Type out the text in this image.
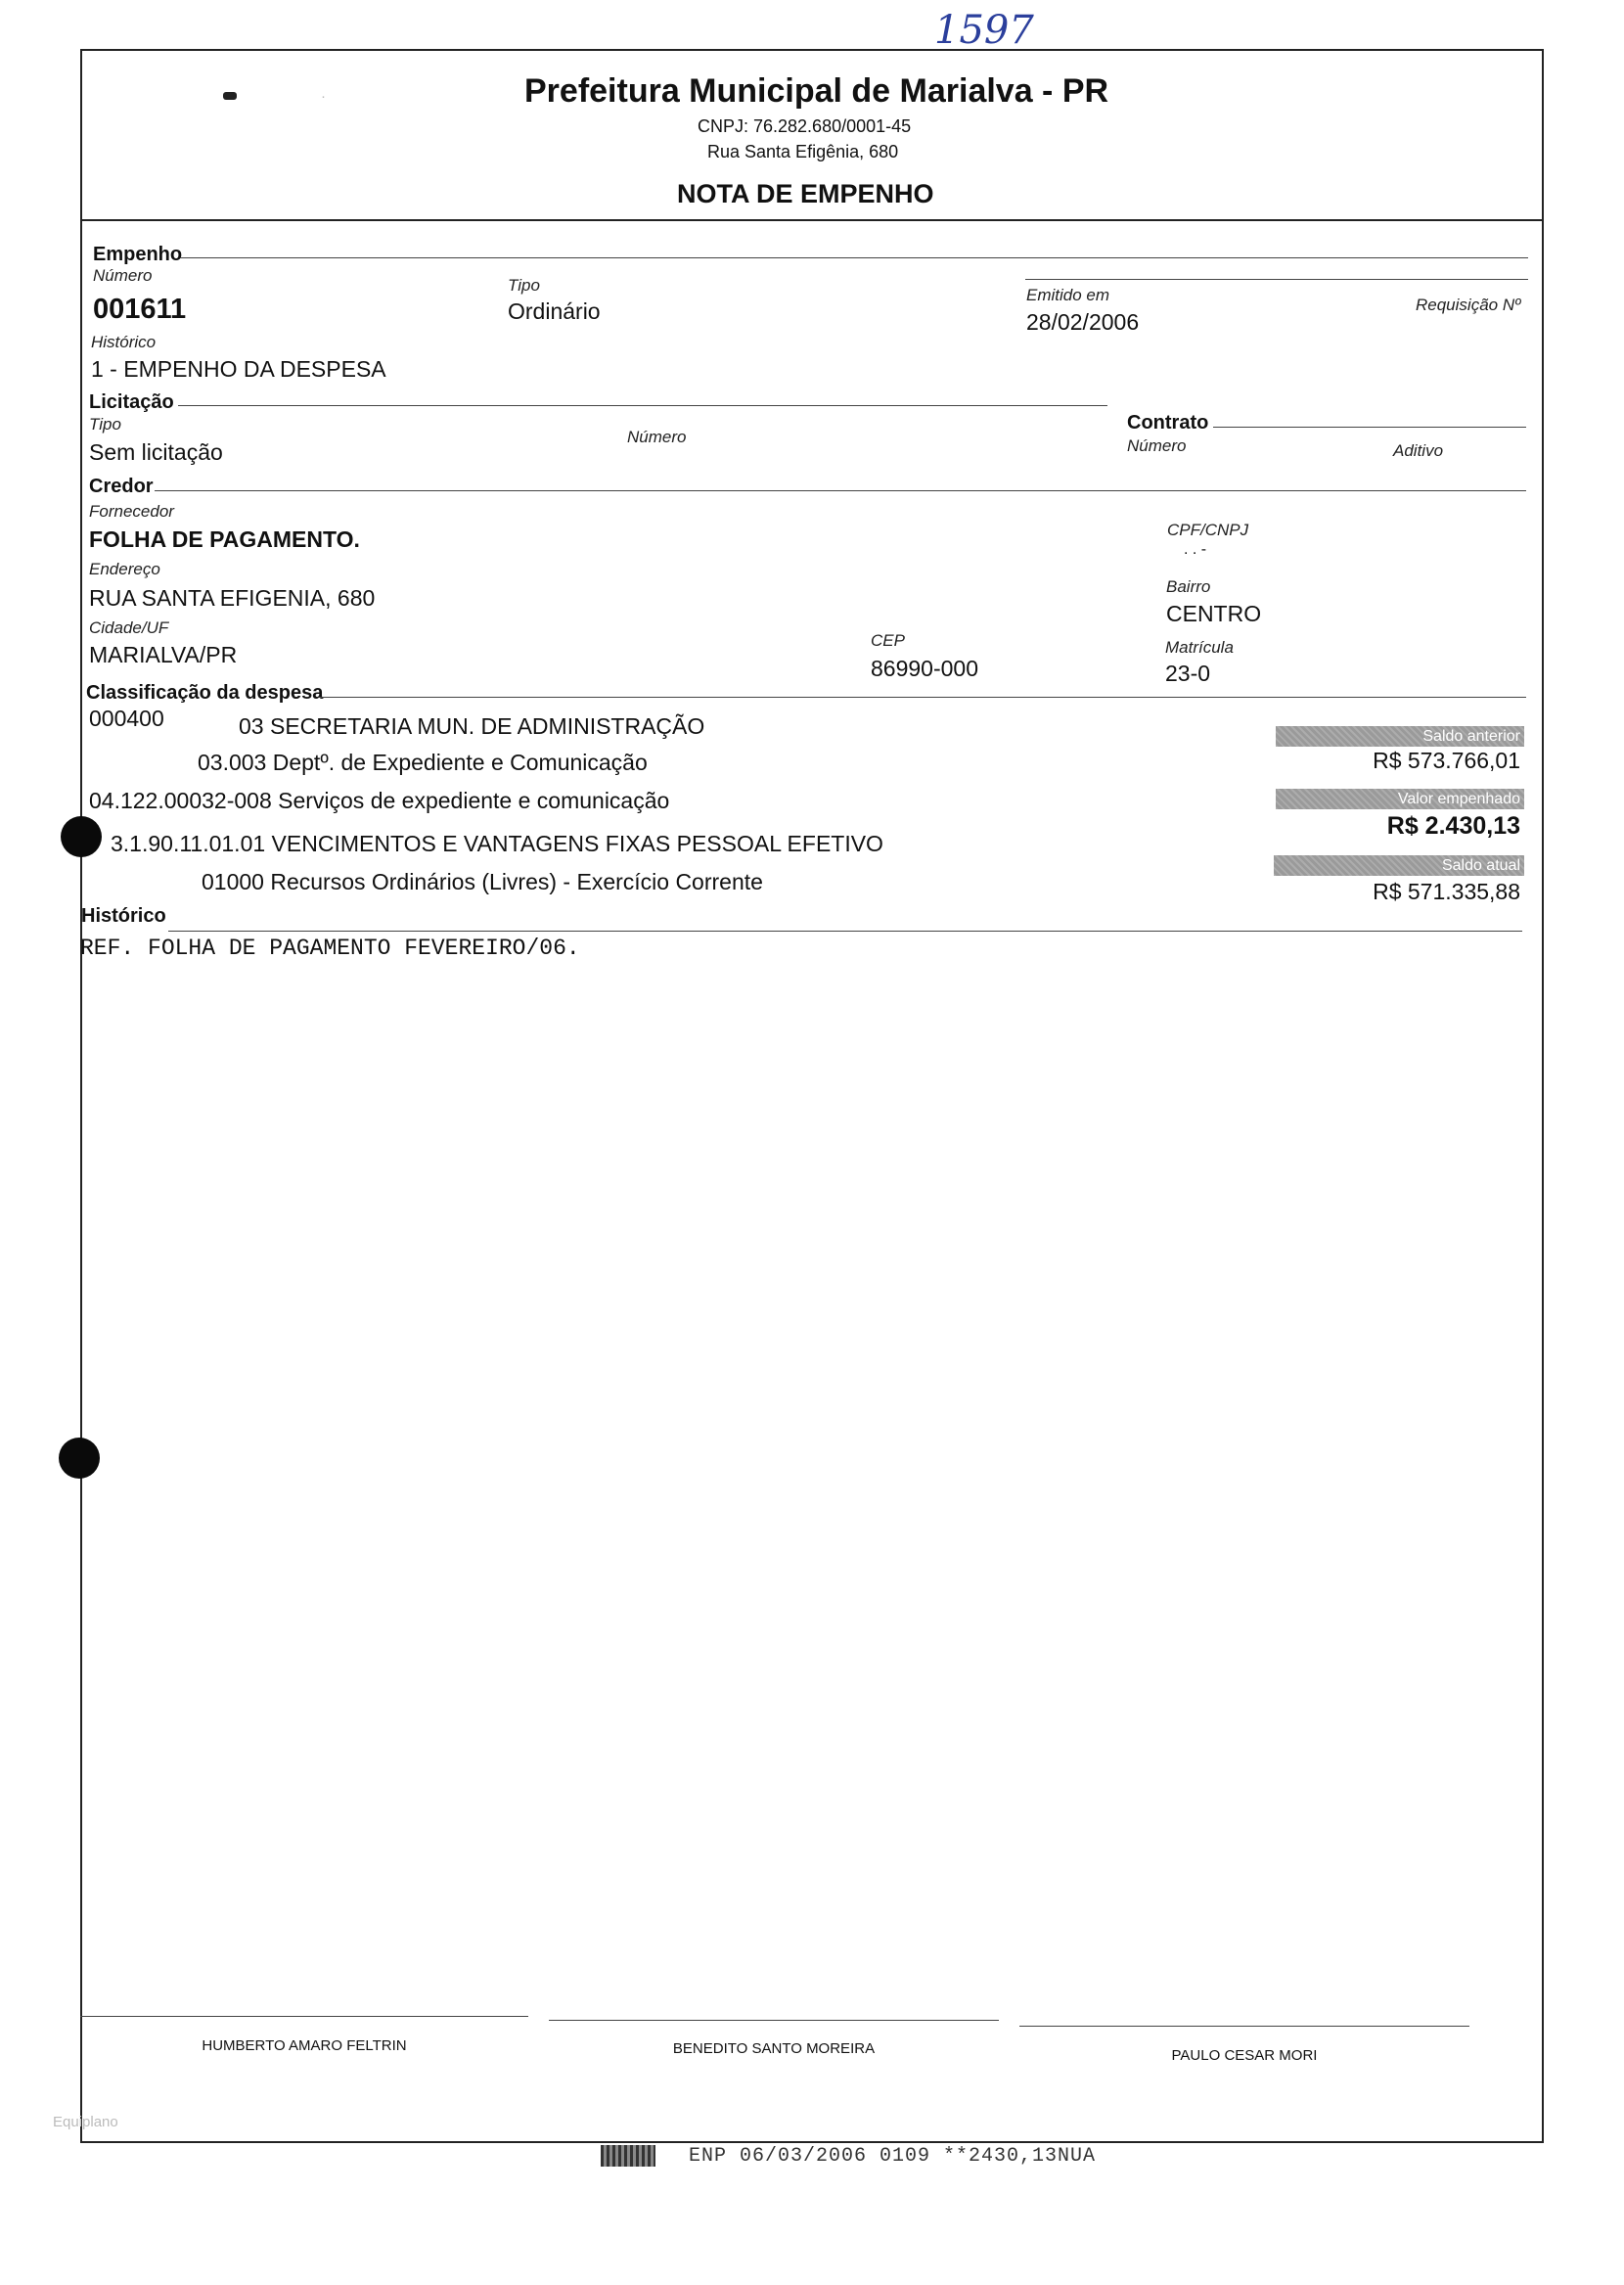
1597
·	Prefeitura Municipal de Marialva - PR
CNPJ: 76.282.680/0001-45
Rua Santa Efigênia, 680
NOTA DE EMPENHO
Empenho
Número
001611
Tipo
Ordinário
Emitido em
28/02/2006
Requisição Nº
Histórico
1 - EMPENHO DA DESPESA
Licitação
Tipo
Sem licitação
Número
Contrato
Número	Aditivo
Credor
Fornecedor
FOLHA DE PAGAMENTO.	CPF/CNPJ
. . -
Endereço
RUA SANTA EFIGENIA, 680	Bairro
CENTRO
Cidade/UF
MARIALVA/PR
CEP
86990-000
Matrícula
23-0
Classificação da despesa
000400	03 SECRETARIA MUN. DE ADMINISTRAÇÃO
03.003 Deptº. de Expediente e Comunicação
04.122.00032-008 Serviços de expediente e comunicação
3.1.90.11.01.01 VENCIMENTOS E VANTAGENS FIXAS PESSOAL EFETIVO
01000 Recursos Ordinários (Livres) - Exercício Corrente
Saldo anterior
R$ 573.766,01
Valor empenhado
R$ 2.430,13
Saldo atual
R$ 571.335,88
Histórico
REF. FOLHA DE PAGAMENTO FEVEREIRO/06.
HUMBERTO AMARO FELTRIN	BENEDITO SANTO MOREIRA	PAULO CESAR MORI
Equiplano
ENP 06/03/2006 0109 **2430,13NUA
